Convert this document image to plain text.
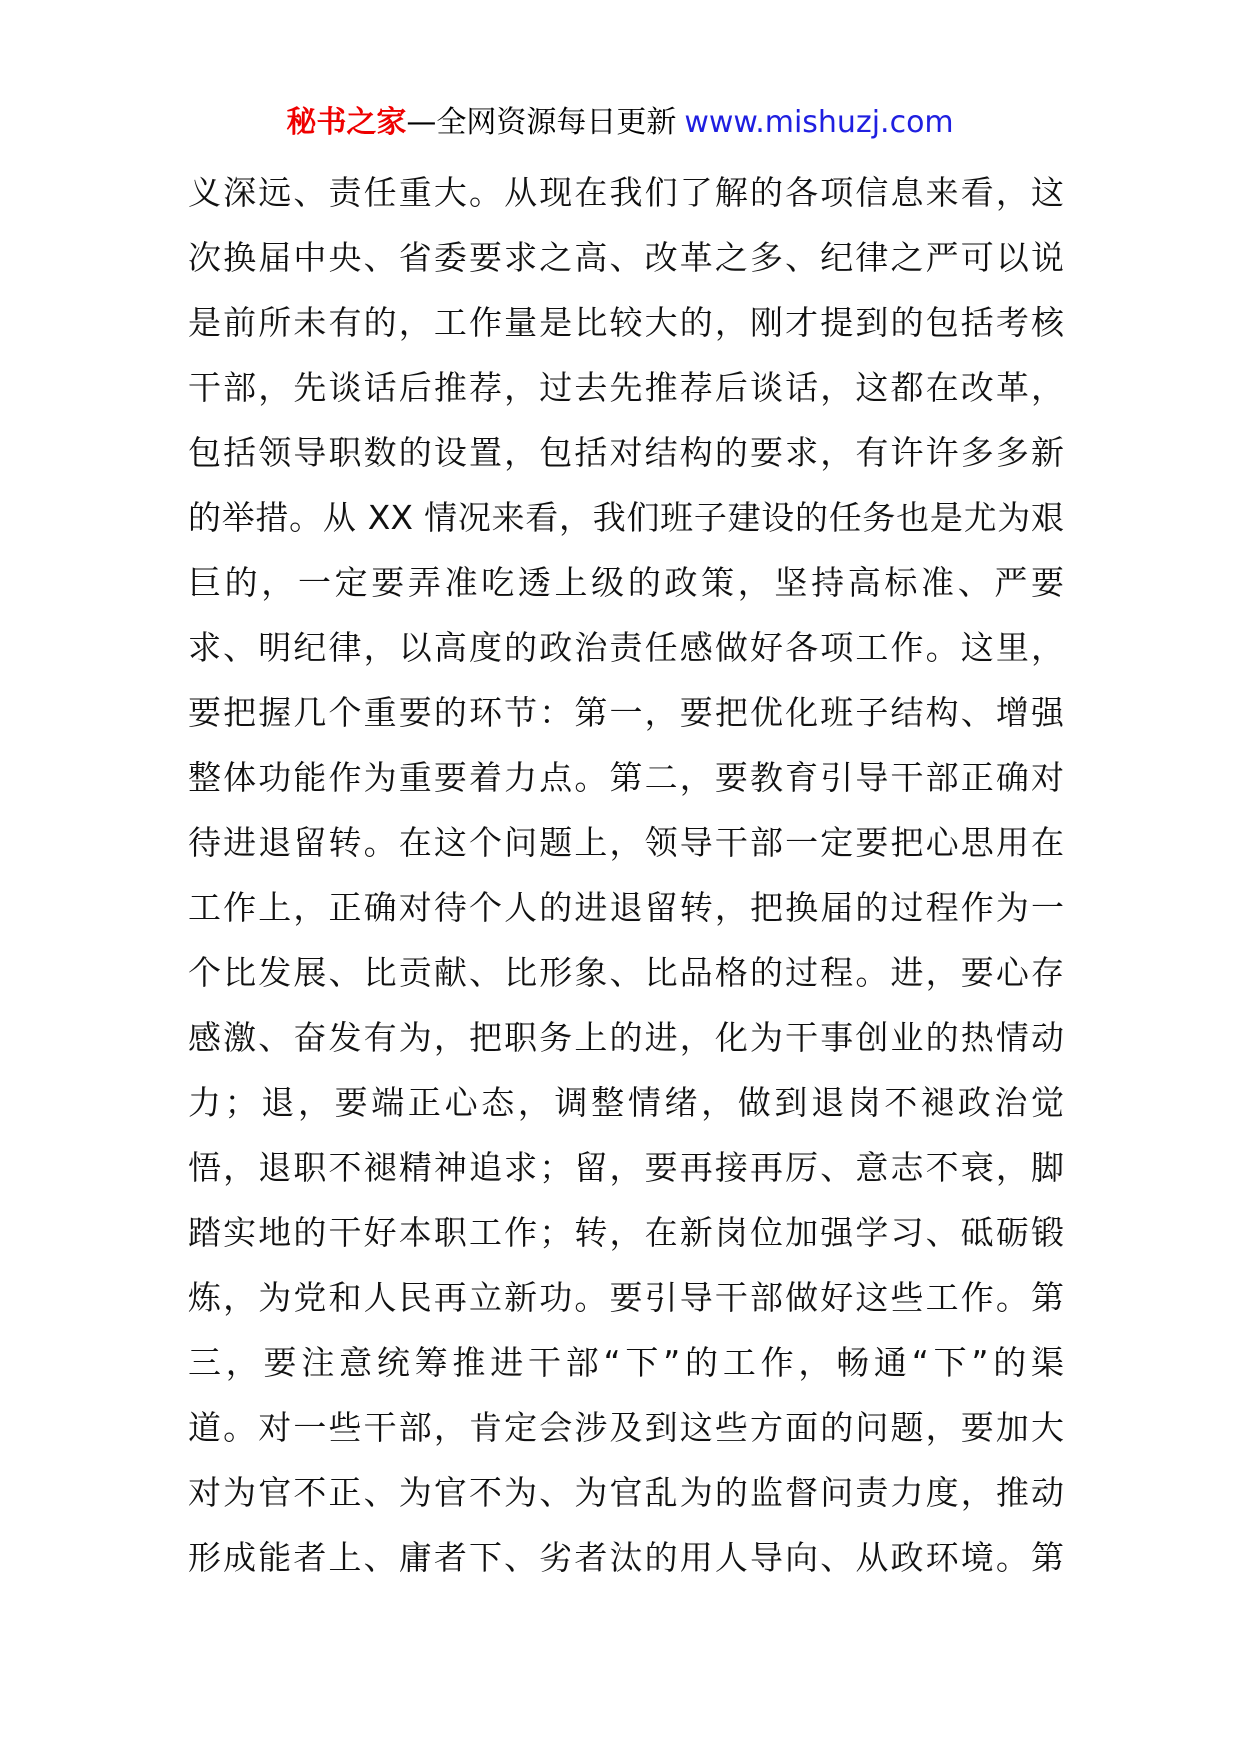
秘书之家—全网资源每日更新 www.mishuzj.com
义深远、责任重大。从现在我们了解的各项信息来看，这
次换届中央、省委要求之高、改革之多、纪律之严可以说
是前所未有的，工作量是比较大的，刚才提到的包括考核
干部，先谈话后推荐，过去先推荐后谈话，这都在改革，
包括领导职数的设置，包括对结构的要求，有许许多多新
的举措。从 XX 情况来看，我们班子建设的任务也是尤为艰
巨的，一定要弄准吃透上级的政策，坚持高标准、严要
求、明纪律，以高度的政治责任感做好各项工作。这里，
要把握几个重要的环节：第一，要把优化班子结构、增强
整体功能作为重要着力点。第二，要教育引导干部正确对
待进退留转。在这个问题上，领导干部一定要把心思用在
工作上，正确对待个人的进退留转，把换届的过程作为一
个比发展、比贡献、比形象、比品格的过程。进，要心存
感激、奋发有为，把职务上的进，化为干事创业的热情动
力；退，要端正心态，调整情绪，做到退岗不褪政治觉
悟，退职不褪精神追求；留，要再接再厉、意志不衰，脚
踏实地的干好本职工作；转，在新岗位加强学习、砥砺锻
炼，为党和人民再立新功。要引导干部做好这些工作。第
三，要注意统筹推进干部“下”的工作，畅通“下”的渠
道。对一些干部，肯定会涉及到这些方面的问题，要加大
对为官不正、为官不为、为官乱为的监督问责力度，推动
形成能者上、庸者下、劣者汰的用人导向、从政环境。第
